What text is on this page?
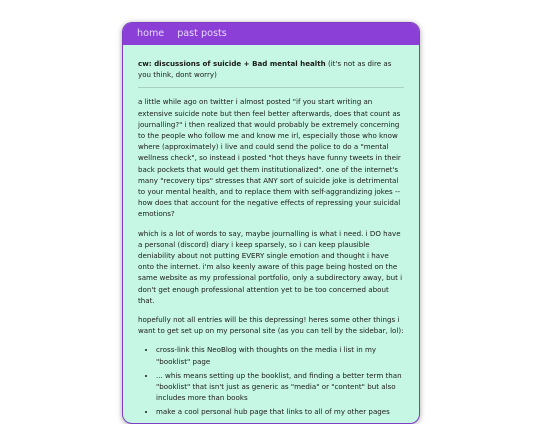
home past posts
cw: discussions of suicide + Bad mental health (it's not as dire as you think, dont worry)

a little while ago on twitter i almost posted "if you start writing an extensive suicide note but then feel better afterwards, does that count as journalling?" i then realized that would probably be extremely concerning to the people who follow me and know me irl, especially those who know where (approximately) i live and could send the police to do a "mental wellness check", so instead i posted "hot theys have funny tweets in their back pockets that would get them institutionalized". one of the internet's many "recovery tips" stresses that ANY sort of suicide joke is detrimental to your mental health, and to replace them with self-aggrandizing jokes -- how does that account for the negative effects of repressing your suicidal emotions?

which is a lot of words to say, maybe journalling is what i need. i DO have a personal (discord) diary i keep sparsely, so i can keep plausible deniability about not putting EVERY single emotion and thought i have onto the internet. i'm also keenly aware of this page being hosted on the same website as my professional portfolio, only a subdirectory away, but i don't get enough professional attention yet to be too concerned about that.

hopefully not all entries will be this depressing! heres some other things i want to get set up on my personal site (as you can tell by the sidebar, lol):

• cross-link this NeoBlog with thoughts on the media i list in my "booklist" page
• ... whis means setting up the booklist, and finding a better term than "booklist" that isn't just as generic as "media" or "content" but also includes more than books
• make a cool personal hub page that links to all of my other pages
